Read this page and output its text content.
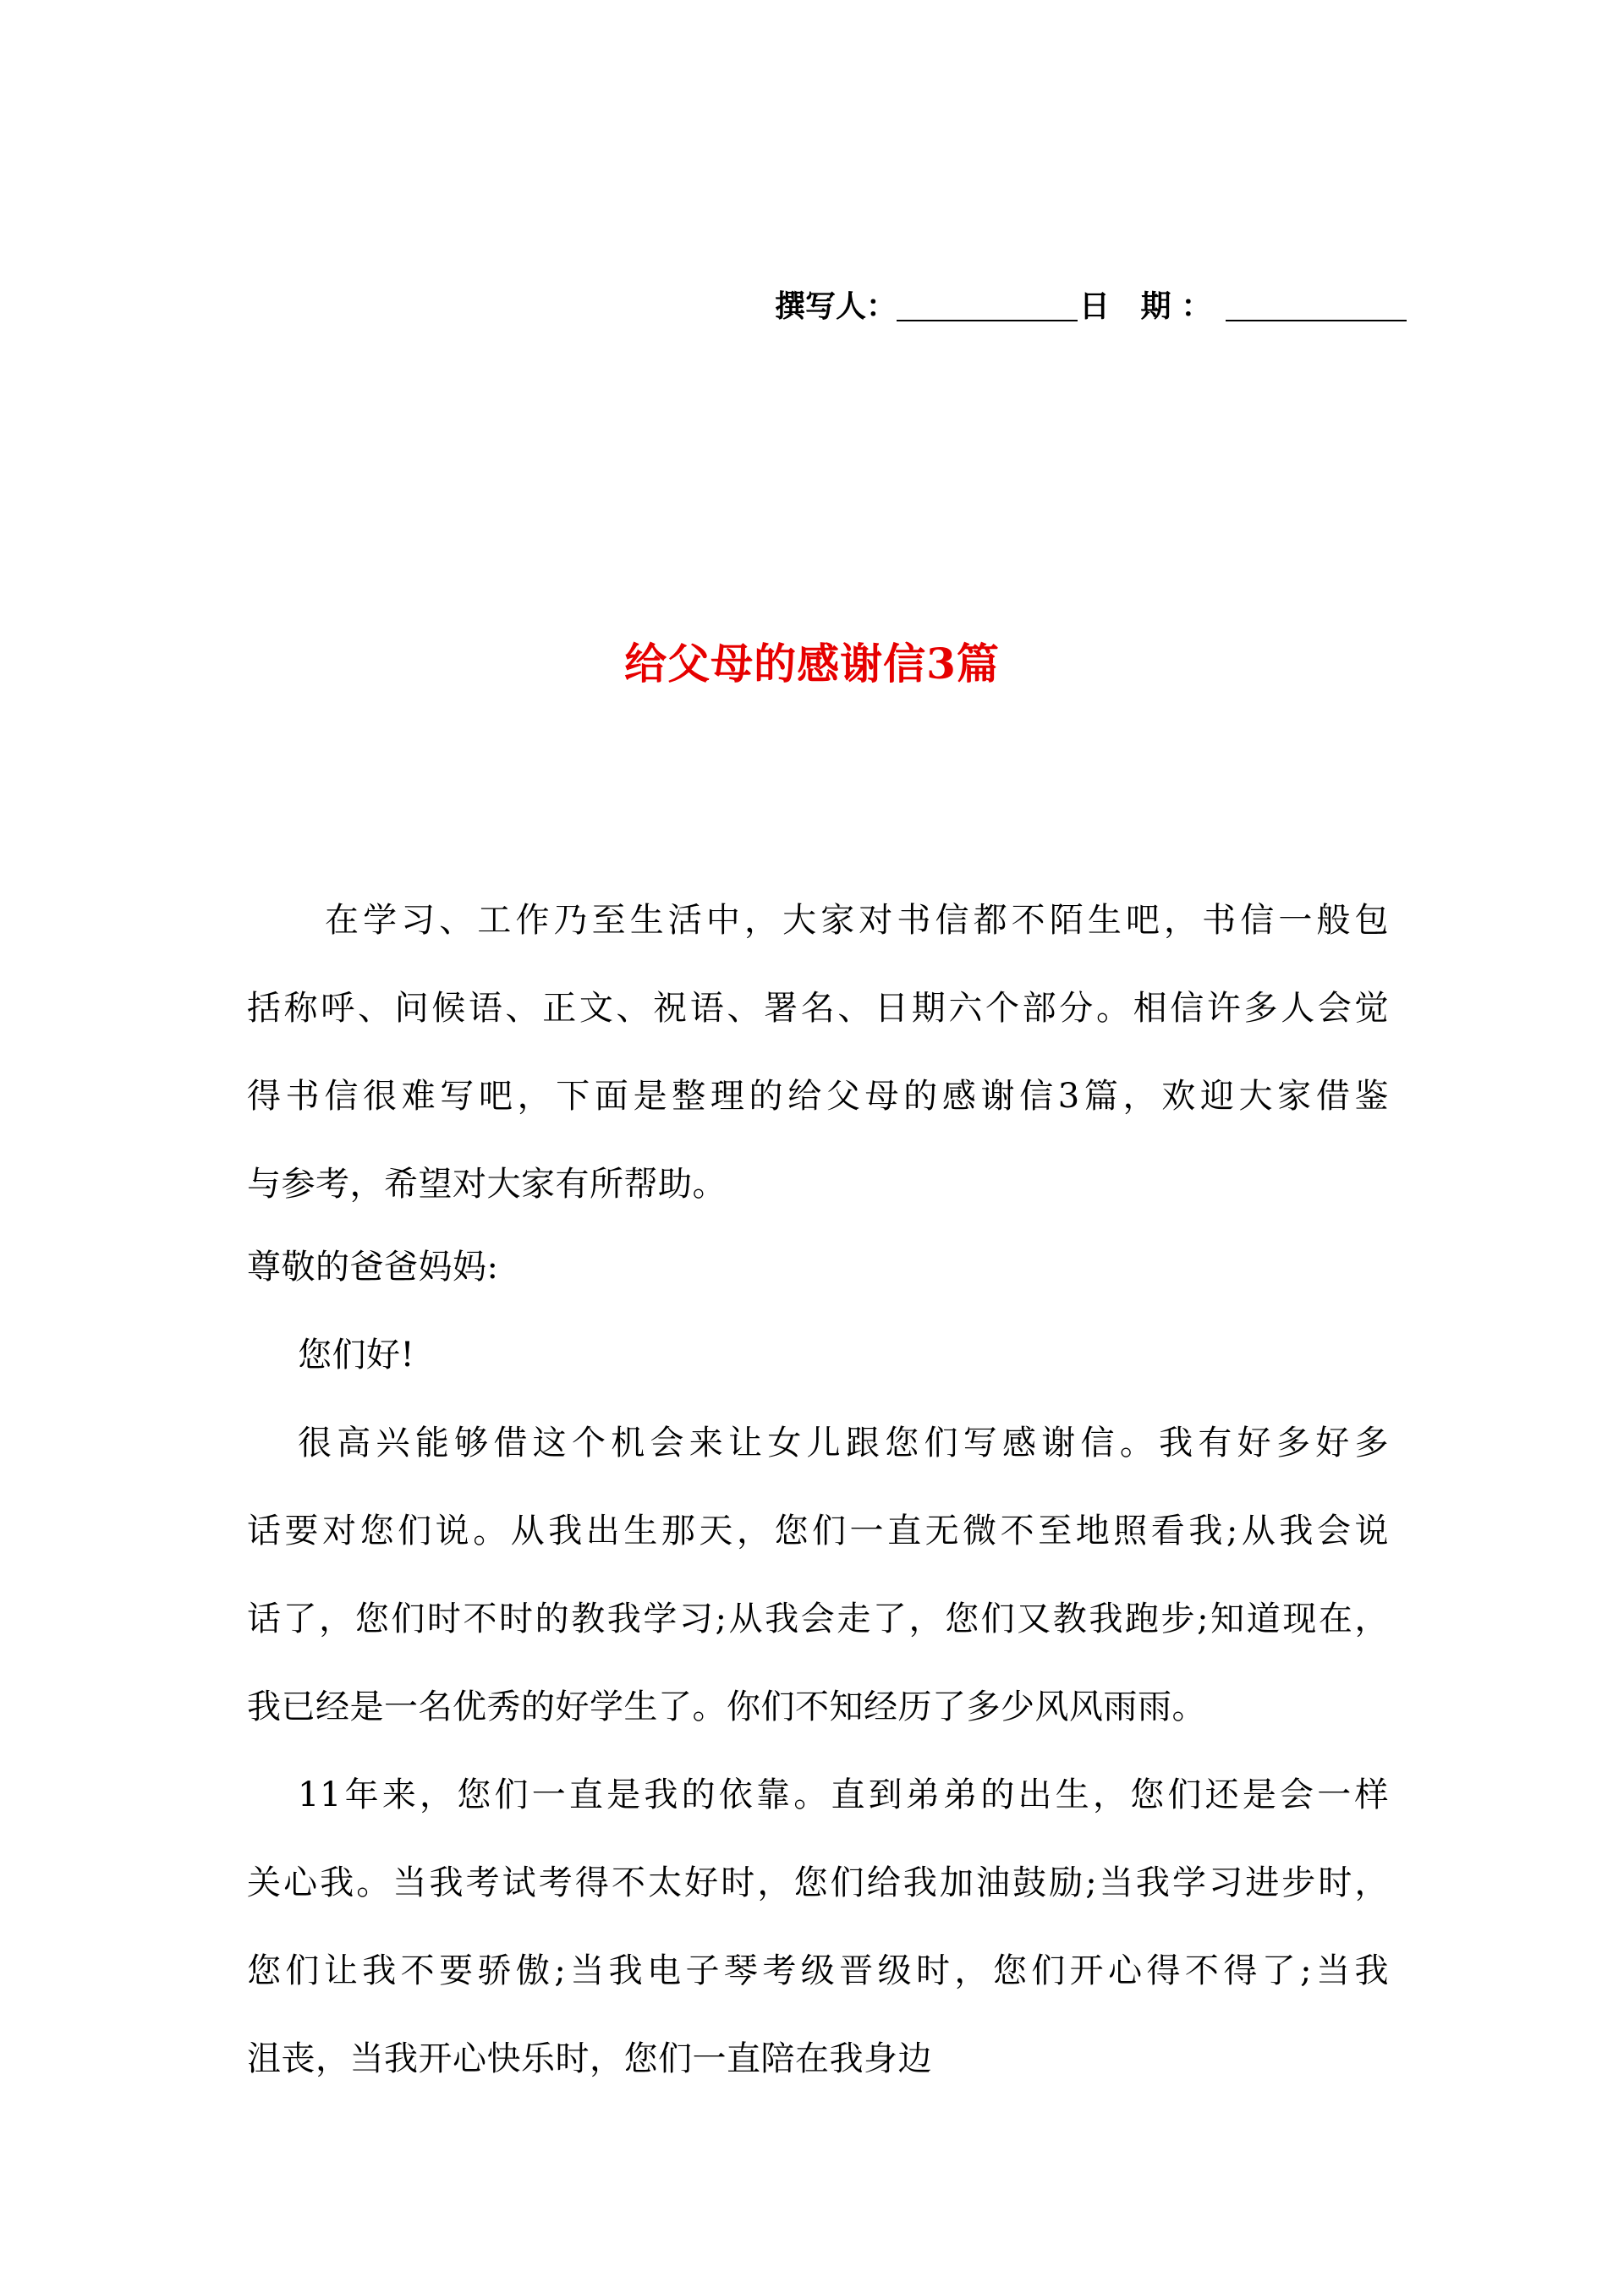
撰写人：	日 期：
给父母的感谢信3篇
在学习、工作乃至生活中，大家对书信都不陌生吧，书信一般包
括称呼、问候语、正文、祝语、署名、日期六个部分。相信许多人会觉
得书信很难写吧，下面是整理的给父母的感谢信3篇，欢迎大家借鉴
与参考，希望对大家有所帮助。
尊敬的爸爸妈妈:
您们好!
很高兴能够借这个机会来让女儿跟您们写感谢信。我有好多好多
话要对您们说。从我出生那天，您们一直无微不至地照看我;从我会说
话了，您们时不时的教我学习;从我会走了，您们又教我跑步;知道现在，
我已经是一名优秀的好学生了。你们不知经历了多少风风雨雨。
11年来，您们一直是我的依靠。直到弟弟的出生，您们还是会一样
关心我。当我考试考得不太好时，您们给我加油鼓励;当我学习进步时，
您们让我不要骄傲;当我电子琴考级晋级时，您们开心得不得了;当我
沮丧，当我开心快乐时，您们一直陪在我身边
